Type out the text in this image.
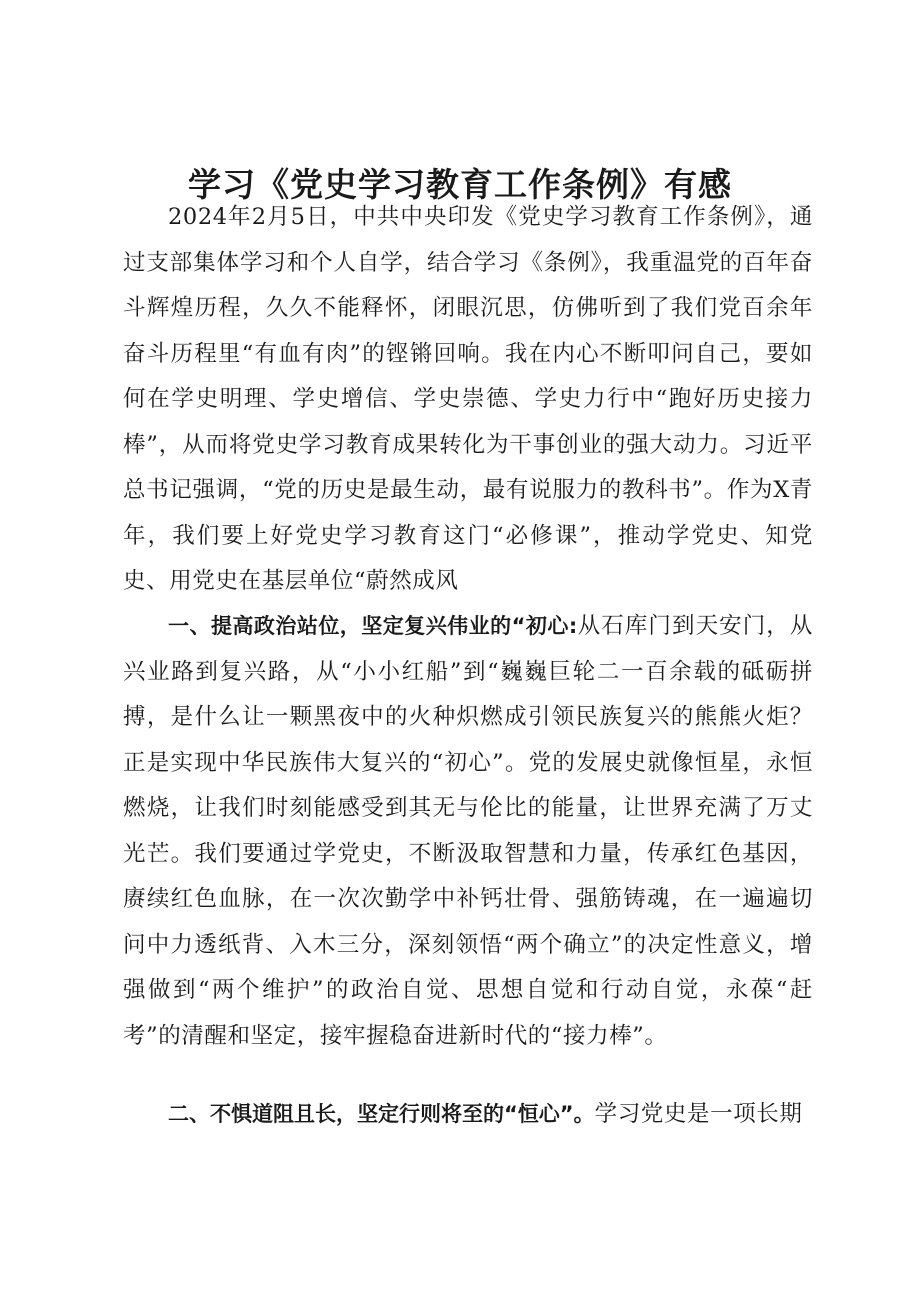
学习《党史学习教育工作条例》有感

2024年2月5日，中共中央印发《党史学习教育工作条例》，通过支部集体学习和个人自学，结合学习《条例》，我重温党的百年奋斗辉煌历程，久久不能释怀，闭眼沉思，仿佛听到了我们党百余年奋斗历程里“有血有肉”的铿锵回响。我在内心不断叩问自己，要如何在学史明理、学史增信、学史崇德、学史力行中“跑好历史接力棒”，从而将党史学习教育成果转化为干事创业的强大动力。习近平总书记强调，“党的历史是最生动，最有说服力的教科书”。作为X青年，我们要上好党史学习教育这门“必修课”，推动学党史、知党史、用党史在基层单位“蔚然成风

一、提高政治站位，坚定复兴伟业的“初心:从石库门到天安门，从兴业路到复兴路，从“小小红船”到“巍巍巨轮二一百余载的砥砺拼搏，是什么让一颗黑夜中的火种炽燃成引领民族复兴的熊熊火炬？正是实现中华民族伟大复兴的“初心”。党的发展史就像恒星，永恒燃烧，让我们时刻能感受到其无与伦比的能量，让世界充满了万丈光芒。我们要通过学党史，不断汲取智慧和力量，传承红色基因，赓续红色血脉，在一次次勤学中补钙壮骨、强筋铸魂，在一遍遍切问中力透纸背、入木三分，深刻领悟“两个确立”的决定性意义，增强做到“两个维护”的政治自觉、思想自觉和行动自觉，永葆“赶考”的清醒和坚定，接牢握稳奋进新时代的“接力棒”。

二、不惧道阻且长，坚定行则将至的“恒心”。学习党史是一项长期
